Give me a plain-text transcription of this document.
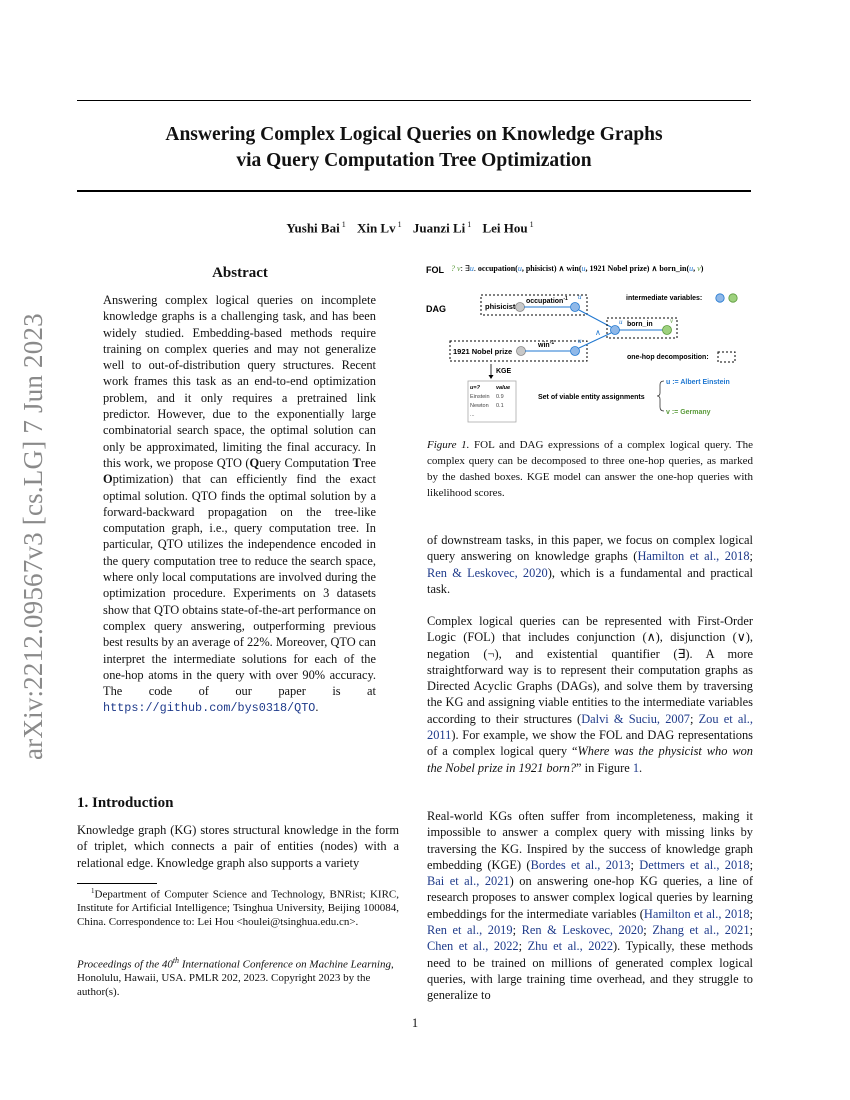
arXiv:2212.09567v3 [cs.LG] 7 Jun 2023
Answering Complex Logical Queries on Knowledge Graphs
via Query Computation Tree Optimization
Yushi Bai $^1$ Xin Lv $^1$ Juanzi Li $^1$ Lei Hou $^1$
Abstract
Answering complex logical queries on incomplete knowledge graphs is a challenging task, and has been widely studied. Embedding-based methods require training on complex queries and may not generalize well to out-of-distribution query structures. Recent work frames this task as an end-to-end optimization problem, and it only requires a pretrained link predictor. However, due to the exponentially large combinatorial search space, the optimal solution can only be approximated, limiting the final accuracy. In this work, we propose QTO (Query Computation Tree Optimization) that can efficiently find the exact optimal solution. QTO finds the optimal solution by a forward-backward propagation on the tree-like computation graph, i.e., query computation tree. In particular, QTO utilizes the independence encoded in the query computation tree to reduce the search space, where only local computations are involved during the optimization procedure. Experiments on 3 datasets show that QTO obtains state-of-the-art performance on complex query answering, outperforming previous best results by an average of 22%. Moreover, QTO can interpret the intermediate solutions for each of the one-hop atoms in the query with over 90% accuracy. The code of our paper is at https://github.com/bys0318/QTO.
1. Introduction
Knowledge graph (KG) stores structural knowledge in the form of triplet, which connects a pair of entities (nodes) with a relational edge. Knowledge graph also supports a variety
$^1$Department of Computer Science and Technology, BNRist; KIRC, Institute for Artificial Intelligence; Tsinghua University, Beijing 100084, China. Correspondence to: Lei Hou <houlei@tsinghua.edu.cn>.
Proceedings of the 40th International Conference on Machine Learning, Honolulu, Hawaii, USA. PMLR 202, 2023. Copyright 2023 by the author(s).
FOL ? v: ∃u. occupation(u, phisicist) ∧ win(u, 1921 Nobel prize) ∧ born_in(u, v)
DAG	phisicist
occupation$^{-1}$ u
1921 Nobel prize
win$^{-1}$	u
∧
u born_in v
intermediate variables:
one-hop decomposition:
KGE
u=?	value
Einstein 0.9
Newton 0.1
...
Set of viable entity assignments
u := Albert Einstein
v := Germany
Figure 1. FOL and DAG expressions of a complex logical query. The complex query can be decomposed to three one-hop queries, as marked by the dashed boxes. KGE model can answer the one-hop queries with likelihood scores.
of downstream tasks, in this paper, we focus on complex logical query answering on knowledge graphs (Hamilton et al., 2018; Ren & Leskovec, 2020), which is a fundamental and practical task.
Complex logical queries can be represented with First-Order Logic (FOL) that includes conjunction (∧), disjunction (∨), negation (¬), and existential quantifier (∃). A more straightforward way is to represent their computation graphs as Directed Acyclic Graphs (DAGs), and solve them by traversing the KG and assigning viable entities to the intermediate variables according to their structures (Dalvi & Suciu, 2007; Zou et al., 2011). For example, we show the FOL and DAG representations of a complex logical query “Where was the physicist who won the Nobel prize in 1921 born?” in Figure 1.
Real-world KGs often suffer from incompleteness, making it impossible to answer a complex query with missing links by traversing the KG. Inspired by the success of knowledge graph embedding (KGE) (Bordes et al., 2013; Dettmers et al., 2018; Bai et al., 2021) on answering one-hop KG queries, a line of research proposes to answer complex logical queries by learning embeddings for the intermediate variables (Hamilton et al., 2018; Ren et al., 2019; Ren & Leskovec, 2020; Zhang et al., 2021; Chen et al., 2022; Zhu et al., 2022). Typically, these methods need to be trained on millions of generated complex logical queries, with large training time overhead, and they struggle to generalize to
1
